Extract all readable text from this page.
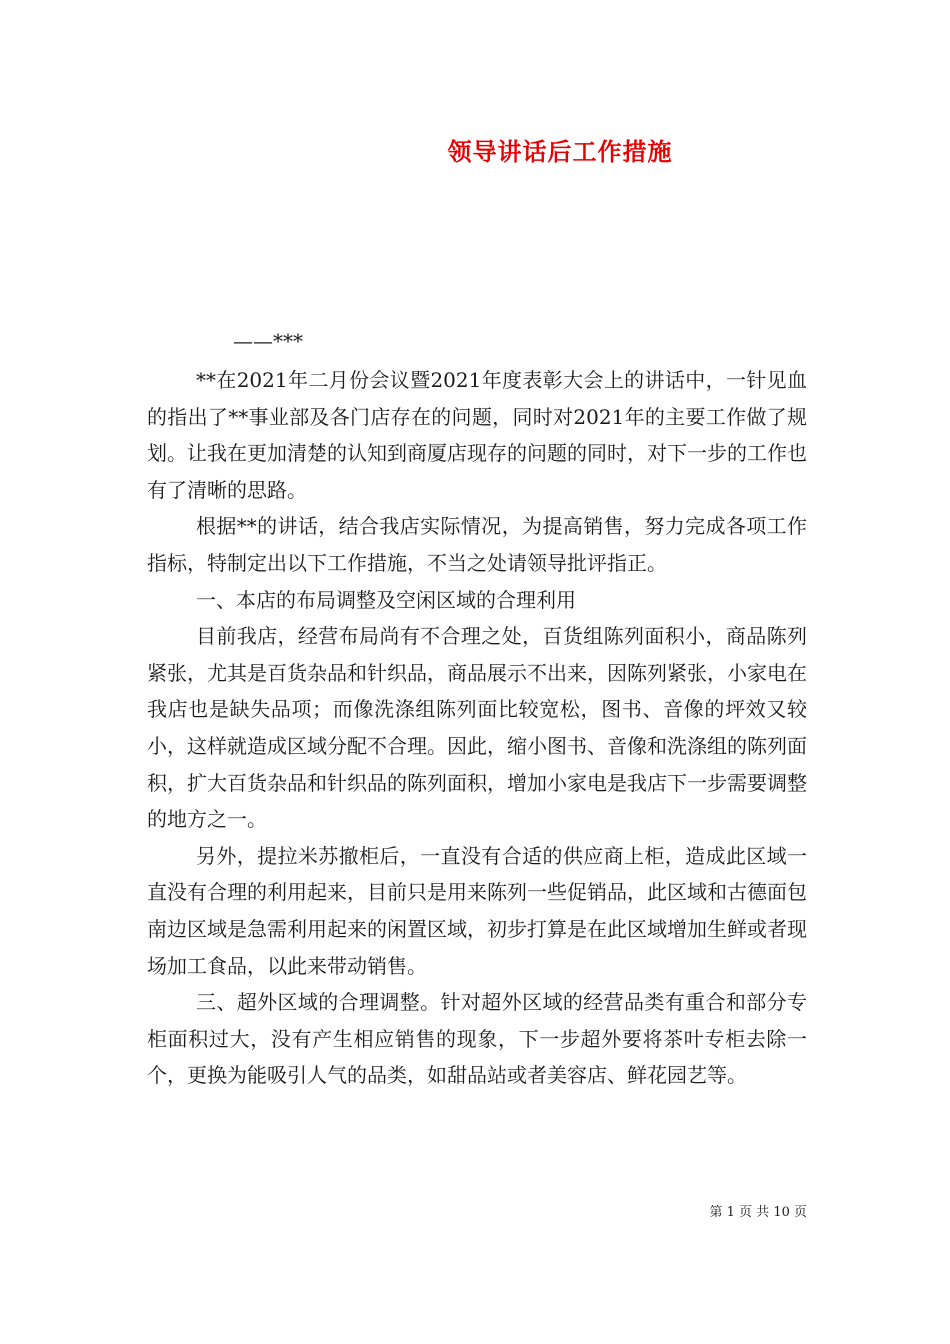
领导讲话后工作措施
——***

**在2021年二月份会议暨2021年度表彰大会上的讲话中，一针见血的指出了**事业部及各门店存在的问题，同时对2021年的主要工作做了规划。让我在更加清楚的认知到商厦店现存的问题的同时，对下一步的工作也有了清晰的思路。

根据**的讲话，结合我店实际情况，为提高销售，努力完成各项工作指标，特制定出以下工作措施，不当之处请领导批评指正。

一、本店的布局调整及空闲区域的合理利用

目前我店，经营布局尚有不合理之处，百货组陈列面积小，商品陈列紧张，尤其是百货杂品和针织品，商品展示不出来，因陈列紧张，小家电在我店也是缺失品项；而像洗涤组陈列面比较宽松，图书、音像的坪效又较小，这样就造成区域分配不合理。因此，缩小图书、音像和洗涤组的陈列面积，扩大百货杂品和针织品的陈列面积，增加小家电是我店下一步需要调整的地方之一。

另外，提拉米苏撤柜后，一直没有合适的供应商上柜，造成此区域一直没有合理的利用起来，目前只是用来陈列一些促销品，此区域和古德面包南边区域是急需利用起来的闲置区域，初步打算是在此区域增加生鲜或者现场加工食品，以此来带动销售。

三、超外区域的合理调整。针对超外区域的经营品类有重合和部分专柜面积过大，没有产生相应销售的现象，下一步超外要将茶叶专柜去除一个，更换为能吸引人气的品类，如甜品站或者美容店、鲜花园艺等。

第 1 页 共 10 页
